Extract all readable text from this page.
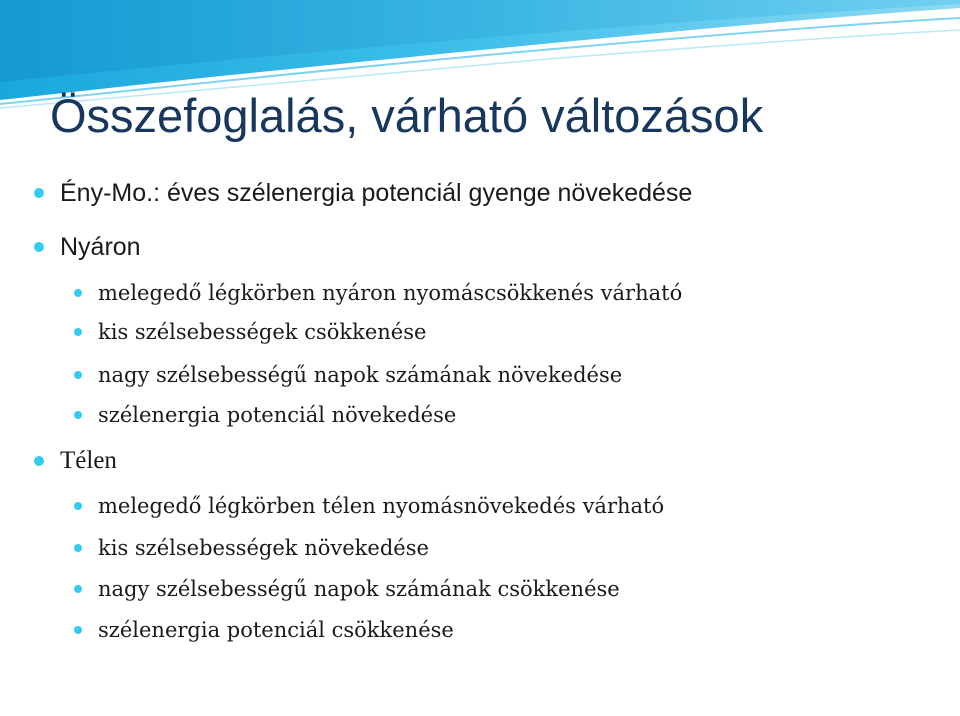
Összefoglalás, várható változások
Ény-Mo.: éves szélenergia potenciál gyenge növekedése
Nyáron
melegedő légkörben nyáron nyomáscsökkenés várható
kis szélsebességek csökkenése
nagy szélsebességű napok számának növekedése
szélenergia potenciál növekedése
Télen
melegedő légkörben télen nyomásnövekedés várható
kis szélsebességek növekedése
nagy szélsebességű napok számának csökkenése
szélenergia potenciál csökkenése
